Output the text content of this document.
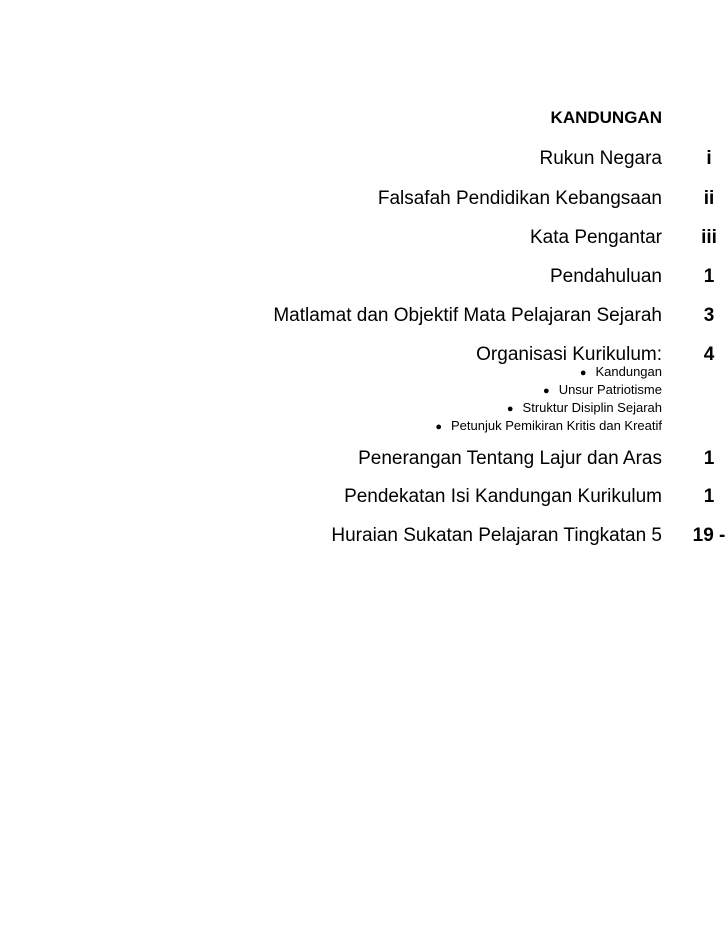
KANDUNGAN
Rukun Negara	i
Falsafah Pendidikan Kebangsaan	ii
Kata Pengantar	iii
Pendahuluan	1
Matlamat dan Objektif Mata Pelajaran Sejarah	3
Organisasi Kurikulum:	4
● Kandungan
● Unsur Patriotisme
● Struktur Disiplin Sejarah
● Petunjuk Pemikiran Kritis dan Kreatif
Penerangan Tentang Lajur dan Aras	1
Pendekatan Isi Kandungan Kurikulum	1
Huraian Sukatan Pelajaran Tingkatan 5	19 -
